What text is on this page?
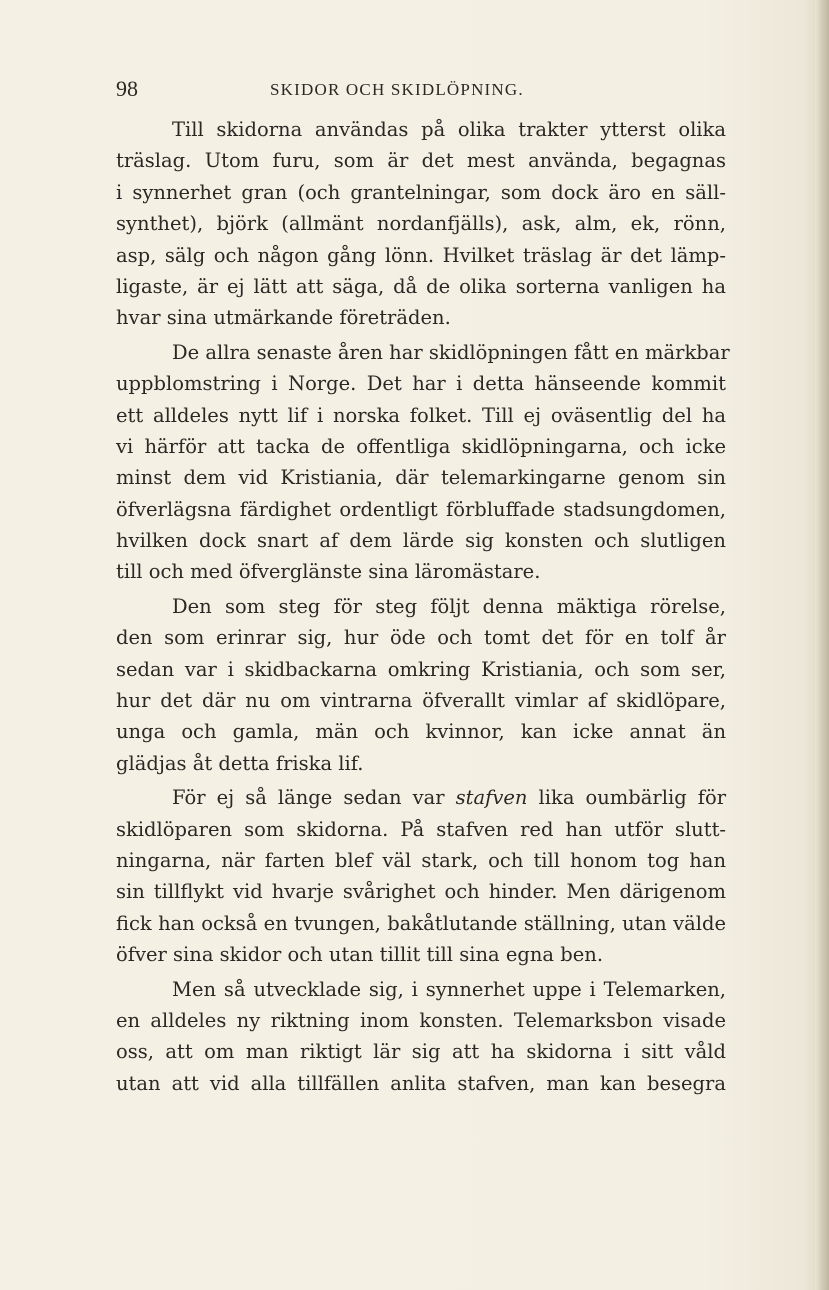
98	SKIDOR OCH SKIDLÖPNING.
Till skidorna användas på olika trakter ytterst olika
träslag. Utom furu, som är det mest använda, begagnas
i synnerhet gran (och grantelningar, som dock äro en säll-
synthet), björk (allmänt nordanfjälls), ask, alm, ek, rönn,
asp, sälg och någon gång lönn. Hvilket träslag är det lämp-
ligaste, är ej lätt att säga, då de olika sorterna vanligen ha
hvar sina utmärkande företräden.
De allra senaste åren har skidlöpningen fått en märkbar
uppblomstring i Norge. Det har i detta hänseende kommit
ett alldeles nytt lif i norska folket. Till ej oväsentlig del ha
vi härför att tacka de offentliga skidlöpningarna, och icke
minst dem vid Kristiania, där telemarkingarne genom sin
öfverlägsna färdighet ordentligt förbluffade stadsungdomen,
hvilken dock snart af dem lärde sig konsten och slutligen
till och med öfverglänste sina läromästare.
Den som steg för steg följt denna mäktiga rörelse,
den som erinrar sig, hur öde och tomt det för en tolf år
sedan var i skidbackarna omkring Kristiania, och som ser,
hur det där nu om vintrarna öfverallt vimlar af skidlöpare,
unga och gamla, män och kvinnor, kan icke annat än
glädjas åt detta friska lif.
För ej så länge sedan var stafven lika oumbärlig för
skidlöparen som skidorna. På stafven red han utför slutt-
ningarna, när farten blef väl stark, och till honom tog han
sin tillflykt vid hvarje svårighet och hinder. Men därigenom
fick han också en tvungen, bakåtlutande ställning, utan välde
öfver sina skidor och utan tillit till sina egna ben.
Men så utvecklade sig, i synnerhet uppe i Telemarken,
en alldeles ny riktning inom konsten. Telemarksbon visade
oss, att om man riktigt lär sig att ha skidorna i sitt våld
utan att vid alla tillfällen anlita stafven, man kan besegra
